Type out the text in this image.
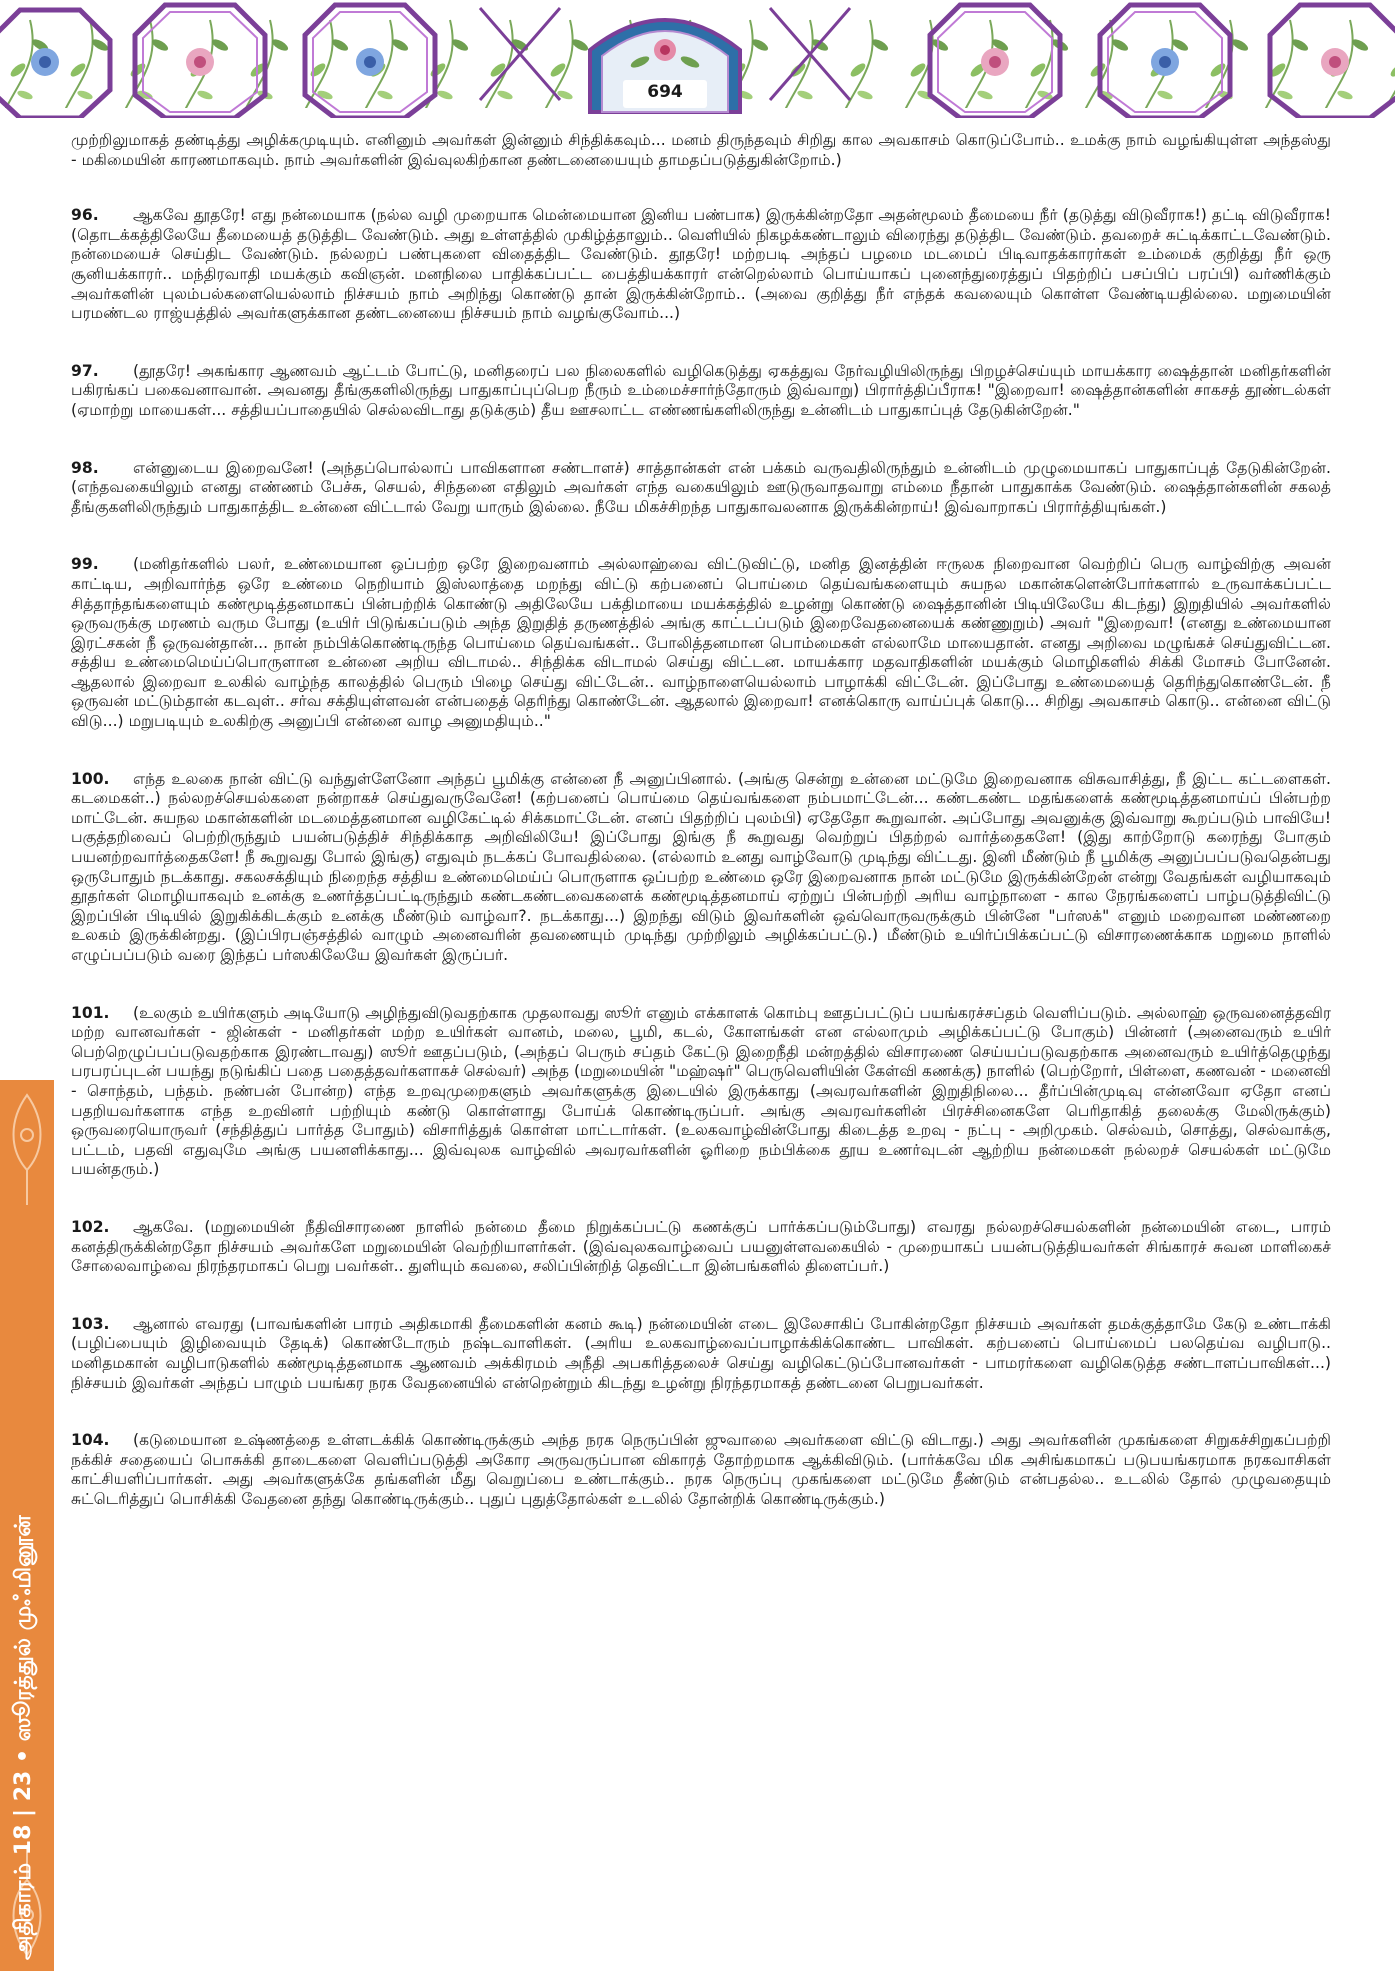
694
அதிகாரம் 18 | 23 • ஸூரத்துல் முஃமினூன்

முற்றிலுமாகத் தண்டித்து அழிக்கமுடியும். எனினும் அவர்கள் இன்னும் சிந்திக்கவும்... மனம் திருந்தவும் சிறிது கால அவகாசம் கொடுப்போம்.. உமக்கு நாம் வழங்கியுள்ள அந்தஸ்து - மகிமையின் காரணமாகவும். நாம் அவர்களின் இவ்வுலகிற்கான தண்டனையையும் தாமதப்படுத்துகின்றோம்.)

96. ஆகவே தூதரே! எது நன்மையாக (நல்ல வழி முறையாக மென்மையான இனிய பண்பாக) இருக்கின்றதோ அதன்மூலம் தீமையை நீர் (தடுத்து விடுவீராக!) தட்டி விடுவீராக! (தொடக்கத்திலேயே தீமையைத் தடுத்திட வேண்டும். அது உள்ளத்தில் முகிழ்த்தாலும்.. வெளியில் நிகழக்கண்டாலும் விரைந்து தடுத்திட வேண்டும். தவறைச் சுட்டிக்காட்டவேண்டும். நன்மையைச் செய்திட வேண்டும். நல்லறப் பண்புகளை விதைத்திட வேண்டும். தூதரே! மற்றபடி அந்தப் பழமை மடமைப் பிடிவாதக்காரர்கள் உம்மைக் குறித்து நீர் ஒரு சூனியக்காரர்.. மந்திரவாதி மயக்கும் கவிஞன். மனநிலை பாதிக்கப்பட்ட பைத்தியக்காரர் என்றெல்லாம் பொய்யாகப் புனைந்துரைத்துப் பிதற்றிப் பசப்பிப் பரப்பி) வர்ணிக்கும் அவர்களின் புலம்பல்களையெல்லாம் நிச்சயம் நாம் அறிந்து கொண்டு தான் இருக்கின்றோம்.. (அவை குறித்து நீர் எந்தக் கவலையும் கொள்ள வேண்டியதில்லை. மறுமையின் பரமண்டல ராஜ்யத்தில் அவர்களுக்கான தண்டனையை நிச்சயம் நாம் வழங்குவோம்...)

97. (தூதரே! அகங்கார ஆணவம் ஆட்டம் போட்டு, மனிதரைப் பல நிலைகளில் வழிகெடுத்து ஏகத்துவ நேர்வழியிலிருந்து பிறழச்செய்யும் மாயக்கார ஷைத்தான் மனிதர்களின் பகிரங்கப் பகைவனாவான். அவனது தீங்குகளிலிருந்து பாதுகாப்புப்பெற நீரும் உம்மைச்சார்ந்தோரும் இவ்வாறு) பிரார்த்திப்பீராக! "இறைவா! ஷைத்தான்களின் சாகசத் தூண்டல்கள் (ஏமாற்று மாயைகள்... சத்தியப்பாதையில் செல்லவிடாது தடுக்கும்) தீய ஊசலாட்ட எண்ணங்களிலிருந்து உன்னிடம் பாதுகாப்புத் தேடுகின்றேன்."

98. என்னுடைய இறைவனே! (அந்தப்பொல்லாப் பாவிகளான சண்டாளச்) சாத்தான்கள் என் பக்கம் வருவதிலிருந்தும் உன்னிடம் முழுமையாகப் பாதுகாப்புத் தேடுகின்றேன். (எந்தவகையிலும் எனது எண்ணம் பேச்சு, செயல், சிந்தனை எதிலும் அவர்கள் எந்த வகையிலும் ஊடுருவாதவாறு எம்மை நீதான் பாதுகாக்க வேண்டும். ஷைத்தான்களின் சகலத் தீங்குகளிலிருந்தும் பாதுகாத்திட உன்னை விட்டால் வேறு யாரும் இல்லை. நீயே மிகச்சிறந்த பாதுகாவலனாக இருக்கின்றாய்! இவ்வாறாகப் பிரார்த்தியுங்கள்.)

99. (மனிதர்களில் பலர், உண்மையான ஒப்பற்ற ஒரே இறைவனாம் அல்லாஹ்வை விட்டுவிட்டு, மனித இனத்தின் ஈருலக நிறைவான வெற்றிப் பெரு வாழ்விற்கு அவன் காட்டிய, அறிவார்ந்த ஒரே உண்மை நெறியாம் இஸ்லாத்தை மறந்து விட்டு கற்பனைப் பொய்மை தெய்வங்களையும் சுயநல மகான்களென்போர்களால் உருவாக்கப்பட்ட சித்தாந்தங்களையும் கண்மூடித்தனமாகப் பின்பற்றிக் கொண்டு அதிலேயே பக்திமாயை மயக்கத்தில் உழன்று கொண்டு ஷைத்தானின் பிடியிலேயே கிடந்து) இறுதியில் அவர்களில் ஒருவருக்கு மரணம் வரும போது (உயிர் பிடுங்கப்படும் அந்த இறுதித் தருணத்தில் அங்கு காட்டப்படும் இறைவேதனையைக் கண்ணுறும்) அவர் "இறைவா! (எனது உண்மையான இரட்சகன் நீ ஒருவன்தான்... நான் நம்பிக்கொண்டிருந்த பொய்மை தெய்வங்கள்.. போலித்தனமான பொம்மைகள் எல்லாமே மாயைதான். எனது அறிவை மழுங்கச் செய்துவிட்டன. சத்திய உண்மைமெய்ப்பொருளான உன்னை அறிய விடாமல்.. சிந்திக்க விடாமல் செய்து விட்டன. மாயக்கார மதவாதிகளின் மயக்கும் மொழிகளில் சிக்கி மோசம் போனேன். ஆதலால் இறைவா உலகில் வாழ்ந்த காலத்தில் பெரும் பிழை செய்து விட்டேன்.. வாழ்நாளையெல்லாம் பாழாக்கி விட்டேன். இப்போது உண்மையைத் தெரிந்துகொண்டேன். நீ ஒருவன் மட்டும்தான் கடவுள்.. சர்வ சக்தியுள்ளவன் என்பதைத் தெரிந்து கொண்டேன். ஆதலால் இறைவா! எனக்கொரு வாய்ப்புக் கொடு... சிறிது அவகாசம் கொடு.. என்னை விட்டு விடு...) மறுபடியும் உலகிற்கு அனுப்பி என்னை வாழ அனுமதியும்.."

100. எந்த உலகை நான் விட்டு வந்துள்ளேனோ அந்தப் பூமிக்கு என்னை நீ அனுப்பினால். (அங்கு சென்று உன்னை மட்டுமே இறைவனாக விசுவாசித்து, நீ இட்ட கட்டளைகள். கடமைகள்..) நல்லறச்செயல்களை நன்றாகச் செய்துவருவேனே! (கற்பனைப் பொய்மை தெய்வங்களை நம்பமாட்டேன்... கண்டகண்ட மதங்களைக் கண்மூடித்தனமாய்ப் பின்பற்ற மாட்டேன். சுயநல மகான்களின் மடமைத்தனமான வழிகேட்டில் சிக்கமாட்டேன். எனப் பிதற்றிப் புலம்பி) ஏதேதோ கூறுவான். அப்போது அவனுக்கு இவ்வாறு கூறப்படும் பாவியே! பகுத்தறிவைப் பெற்றிருந்தும் பயன்படுத்திச் சிந்திக்காத அறிவிலியே! இப்போது இங்கு நீ கூறுவது வெற்றுப் பிதற்றல் வார்த்தைகளே! (இது காற்றோடு கரைந்து போகும் பயனற்றவார்த்தைகளே! நீ கூறுவது போல் இங்கு) எதுவும் நடக்கப் போவதில்லை. (எல்லாம் உனது வாழ்வோடு முடிந்து விட்டது. இனி மீண்டும் நீ பூமிக்கு அனுப்பப்படுவதென்பது ஒருபோதும் நடக்காது. சகலசக்தியும் நிறைந்த சத்திய உண்மைமெய்ப் பொருளாக ஒப்பற்ற உண்மை ஒரே இறைவனாக நான் மட்டுமே இருக்கின்றேன் என்று வேதங்கள் வழியாகவும் தூதர்கள் மொழியாகவும் உனக்கு உணர்த்தப்பட்டிருந்தும் கண்டகண்டவைகளைக் கண்மூடித்தனமாய் ஏற்றுப் பின்பற்றி அரிய வாழ்நாளை - கால நேரங்களைப் பாழ்படுத்திவிட்டு இறப்பின் பிடியில் இறுகிக்கிடக்கும் உனக்கு மீண்டும் வாழ்வா?. நடக்காது...) இறந்து விடும் இவர்களின் ஒவ்வொருவருக்கும் பின்னே "பர்ஸக்" எனும் மறைவான மண்ணறை உலகம் இருக்கின்றது. (இப்பிரபஞ்சத்தில் வாழும் அனைவரின் தவணையும் முடிந்து முற்றிலும் அழிக்கப்பட்டு.) மீண்டும் உயிர்ப்பிக்கப்பட்டு விசாரணைக்காக மறுமை நாளில் எழுப்பப்படும் வரை இந்தப் பர்ஸகிலேயே இவர்கள் இருப்பர்.

101. (உலகும் உயிர்களும் அடியோடு அழிந்துவிடுவதற்காக முதலாவது ஸூர் எனும் எக்காளக் கொம்பு ஊதப்பட்டுப் பயங்கரச்சப்தம் வெளிப்படும். அல்லாஹ் ஒருவனைத்தவிர மற்ற வானவர்கள் - ஜின்கள் - மனிதர்கள் மற்ற உயிர்கள் வானம், மலை, பூமி, கடல், கோளங்கள் என எல்லாமும் அழிக்கப்பட்டு போகும்) பின்னர் (அனைவரும் உயிர் பெற்றெழுப்பப்படுவதற்காக இரண்டாவது) ஸூர் ஊதப்படும், (அந்தப் பெரும் சப்தம் கேட்டு இறைநீதி மன்றத்தில் விசாரணை செய்யப்படுவதற்காக அனைவரும் உயிர்த்தெழுந்து பரபரப்புடன் பயந்து நடுங்கிப் பதை பதைத்தவர்களாகச் செல்வர்) அந்த (மறுமையின் "மஹ்ஷர்" பெருவெளியின் கேள்வி கணக்கு) நாளில் (பெற்றோர், பிள்ளை, கணவன் - மனைவி - சொந்தம், பந்தம். நண்பன் போன்ற) எந்த உறவுமுறைகளும் அவர்களுக்கு இடையில் இருக்காது (அவரவர்களின் இறுதிநிலை... தீர்ப்பின்முடிவு என்னவோ ஏதோ எனப் பதறியவர்களாக எந்த உறவினர் பற்றியும் கண்டு கொள்ளாது போய்க் கொண்டிருப்பர். அங்கு அவரவர்களின் பிரச்சினைகளே பெரிதாகித் தலைக்கு மேலிருக்கும்) ஒருவரையொருவர் (சந்தித்துப் பார்த்த போதும்) விசாரித்துக் கொள்ள மாட்டார்கள். (உலகவாழ்வின்போது கிடைத்த உறவு - நட்பு - அறிமுகம். செல்வம், சொத்து, செல்வாக்கு, பட்டம், பதவி எதுவுமே அங்கு பயனளிக்காது... இவ்வுலக வாழ்வில் அவரவர்களின் ஓரிறை நம்பிக்கை தூய உணர்வுடன் ஆற்றிய நன்மைகள் நல்லறச் செயல்கள் மட்டுமே பயன்தரும்.)

102. ஆகவே. (மறுமையின் நீதிவிசாரணை நாளில் நன்மை தீமை நிறுக்கப்பட்டு கணக்குப் பார்க்கப்படும்போது) எவரது நல்லறச்செயல்களின் நன்மையின் எடை, பாரம் கனத்திருக்கின்றதோ நிச்சயம் அவர்களே மறுமையின் வெற்றியாளர்கள். (இவ்வுலகவாழ்வைப் பயனுள்ளவகையில் - முறையாகப் பயன்படுத்தியவர்கள் சிங்காரச் சுவன மாளிகைச் சோலைவாழ்வை நிரந்தரமாகப் பெறு பவர்கள்.. துளியும் கவலை, சலிப்பின்றித் தெவிட்டா இன்பங்களில் திளைப்பர்.)

103. ஆனால் எவரது (பாவங்களின் பாரம் அதிகமாகி தீமைகளின் கனம் கூடி) நன்மையின் எடை இலேசாகிப் போகின்றதோ நிச்சயம் அவர்கள் தமக்குத்தாமே கேடு உண்டாக்கி (பழிப்பையும் இழிவையும் தேடிக்) கொண்டோரும் நஷ்டவாளிகள். (அரிய உலகவாழ்வைப்பாழாக்கிக்கொண்ட பாவிகள். கற்பனைப் பொய்மைப் பலதெய்வ வழிபாடு.. மனிதமகான் வழிபாடுகளில் கண்மூடித்தனமாக ஆணவம் அக்கிரமம் அநீதி அபகரித்தலைச் செய்து வழிகெட்டுப்போனவர்கள் - பாமரர்களை வழிகெடுத்த சண்டாளப்பாவிகள்...) நிச்சயம் இவர்கள் அந்தப் பாழும் பயங்கர நரக வேதனையில் என்றென்றும் கிடந்து உழன்று நிரந்தரமாகத் தண்டனை பெறுபவர்கள்.

104. (கடுமையான உஷ்ணத்தை உள்ளடக்கிக் கொண்டிருக்கும் அந்த நரக நெருப்பின் ஜுவாலை அவர்களை விட்டு விடாது.) அது அவர்களின் முகங்களை சிறுகச்சிறுகப்பற்றி நக்கிச் சதையைப் பொசுக்கி தாடைகளை வெளிப்படுத்தி அகோர அருவருப்பான விகாரத் தோற்றமாக ஆக்கிவிடும். (பார்க்கவே மிக அசிங்கமாகப் படுபயங்கரமாக நரகவாசிகள் காட்சியளிப்பார்கள். அது அவர்களுக்கே தங்களின் மீது வெறுப்பை உண்டாக்கும்.. நரக நெருப்பு முகங்களை மட்டுமே தீண்டும் என்பதல்ல.. உடலில் தோல் முழுவதையும் சுட்டெரித்துப் பொசிக்கி வேதனை தந்து கொண்டிருக்கும்.. புதுப் புதுத்தோல்கள் உடலில் தோன்றிக் கொண்டிருக்கும்.)
